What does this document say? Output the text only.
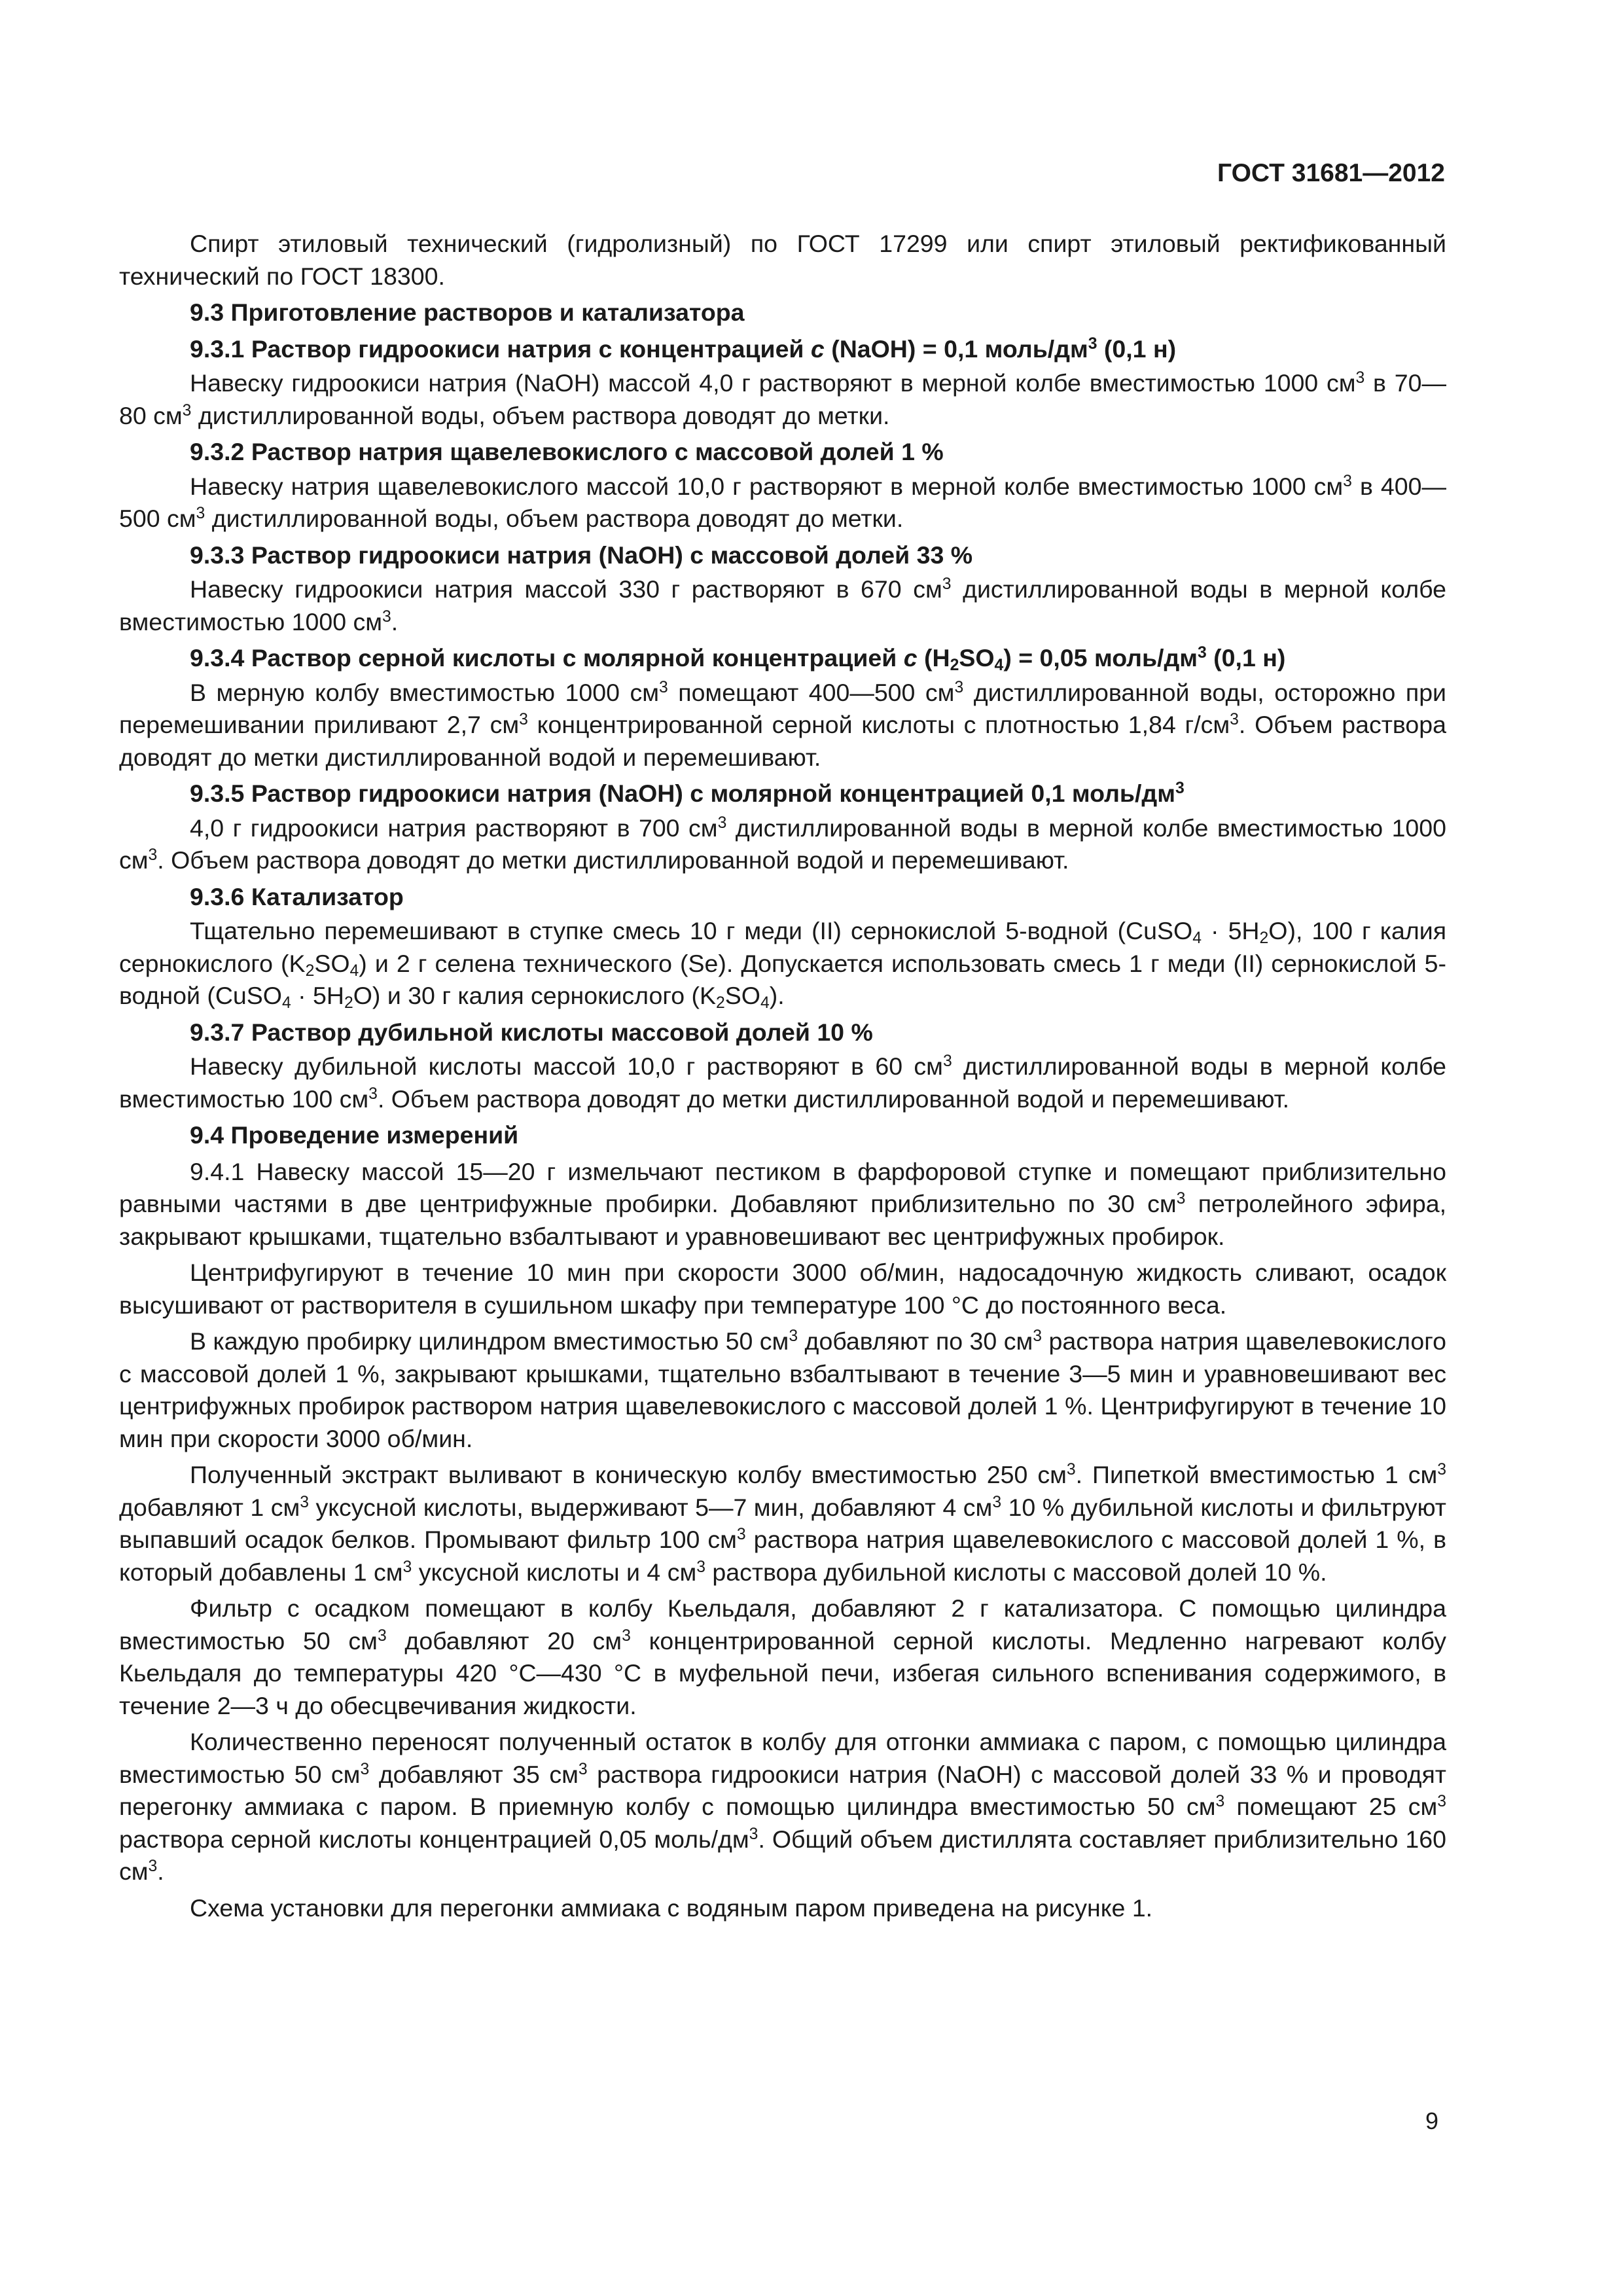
ГОСТ 31681—2012

Спирт этиловый технический (гидролизный) по ГОСТ 17299 или спирт этиловый ректификованный технический по ГОСТ 18300.

9.3 Приготовление растворов и катализатора

9.3.1 Раствор гидроокиси натрия с концентрацией c (NaOH) = 0,1 моль/$дм^3$ (0,1 н)

Навеску гидроокиси натрия (NaOH) массой 4,0 г растворяют в мерной колбе вместимостью 1000 $см^3$ в 70—80 $см^3$ дистиллированной воды, объем раствора доводят до метки.

9.3.2 Раствор натрия щавелевокислого с массовой долей 1 %

Навеску натрия щавелевокислого массой 10,0 г растворяют в мерной колбе вместимостью 1000 $см^3$ в 400—500 $см^3$ дистиллированной воды, объем раствора доводят до метки.

9.3.3 Раствор гидроокиси натрия (NaOH) с массовой долей 33 %

Навеску гидроокиси натрия массой 330 г растворяют в 670 $см^3$ дистиллированной воды в мерной колбе вместимостью 1000 $см^3$.

9.3.4 Раствор серной кислоты с молярной концентрацией c $(H_2SO_4) = 0,05$ моль/$дм^3$ (0,1 н)

В мерную колбу вместимостью 1000 $см^3$ помещают 400—500 $см^3$ дистиллированной воды, осторожно при перемешивании приливают 2,7 $см^3$ концентрированной серной кислоты с плотностью 1,84 $г/см^3$. Объем раствора доводят до метки дистиллированной водой и перемешивают.

9.3.5 Раствор гидроокиси натрия (NaOH) с молярной концентрацией 0,1 моль/$дм^3$

4,0 г гидроокиси натрия растворяют в 700 $см^3$ дистиллированной воды в мерной колбе вместимостью 1000 $см^3$. Объем раствора доводят до метки дистиллированной водой и перемешивают.

9.3.6 Катализатор

Тщательно перемешивают в ступке смесь 10 г меди (II) сернокислой 5-водной (CuSO$_4$ · $5H_2O$), 100 г калия сернокислого $(K_2SO_4)$ и 2 г селена технического (Se). Допускается использовать смесь 1 г меди (II) сернокислой 5-водной (CuSO$_4$ · $5H_2O$) и 30 г калия сернокислого $(K_2SO_4)$.

9.3.7 Раствор дубильной кислоты массовой долей 10 %

Навеску дубильной кислоты массой 10,0 г растворяют в 60 $см^3$ дистиллированной воды в мерной колбе вместимостью 100 $см^3$. Объем раствора доводят до метки дистиллированной водой и перемешивают.

9.4 Проведение измерений

9.4.1 Навеску массой 15—20 г измельчают пестиком в фарфоровой ступке и помещают приблизительно равными частями в две центрифужные пробирки. Добавляют приблизительно по 30 $см^3$ петролейного эфира, закрывают крышками, тщательно взбалтывают и уравновешивают вес центрифужных пробирок.

Центрифугируют в течение 10 мин при скорости 3000 об/мин, надосадочную жидкость сливают, осадок высушивают от растворителя в сушильном шкафу при температуре 100 °С до постоянного веса.

В каждую пробирку цилиндром вместимостью 50 $см^3$ добавляют по 30 $см^3$ раствора натрия щавелевокислого с массовой долей 1 %, закрывают крышками, тщательно взбалтывают в течение 3—5 мин и уравновешивают вес центрифужных пробирок раствором натрия щавелевокислого с массовой долей 1 %. Центрифугируют в течение 10 мин при скорости 3000 об/мин.

Полученный экстракт выливают в коническую колбу вместимостью 250 $см^3$. Пипеткой вместимостью 1 $см^3$ добавляют 1 $см^3$ уксусной кислоты, выдерживают 5—7 мин, добавляют 4 $см^3$ 10 % дубильной кислоты и фильтруют выпавший осадок белков. Промывают фильтр 100 $см^3$ раствора натрия щавелевокислого с массовой долей 1 %, в который добавлены 1 $см^3$ уксусной кислоты и 4 $см^3$ раствора дубильной кислоты с массовой долей 10 %.

Фильтр с осадком помещают в колбу Кьельдаля, добавляют 2 г катализатора. С помощью цилиндра вместимостью 50 $см^3$ добавляют 20 $см^3$ концентрированной серной кислоты. Медленно нагревают колбу Кьельдаля до температуры 420 °С—430 °С в муфельной печи, избегая сильного вспенивания содержимого, в течение 2—3 ч до обесцвечивания жидкости.

Количественно переносят полученный остаток в колбу для отгонки аммиака с паром, с помощью цилиндра вместимостью 50 $см^3$ добавляют 35 $см^3$ раствора гидроокиси натрия (NaOH) с массовой долей 33 % и проводят перегонку аммиака с паром. В приемную колбу с помощью цилиндра вместимостью 50 $см^3$ помещают 25 $см^3$ раствора серной кислоты концентрацией 0,05 моль/$дм^3$. Общий объем дистиллята составляет приблизительно 160 $см^3$.

Схема установки для перегонки аммиака с водяным паром приведена на рисунке 1.

9
